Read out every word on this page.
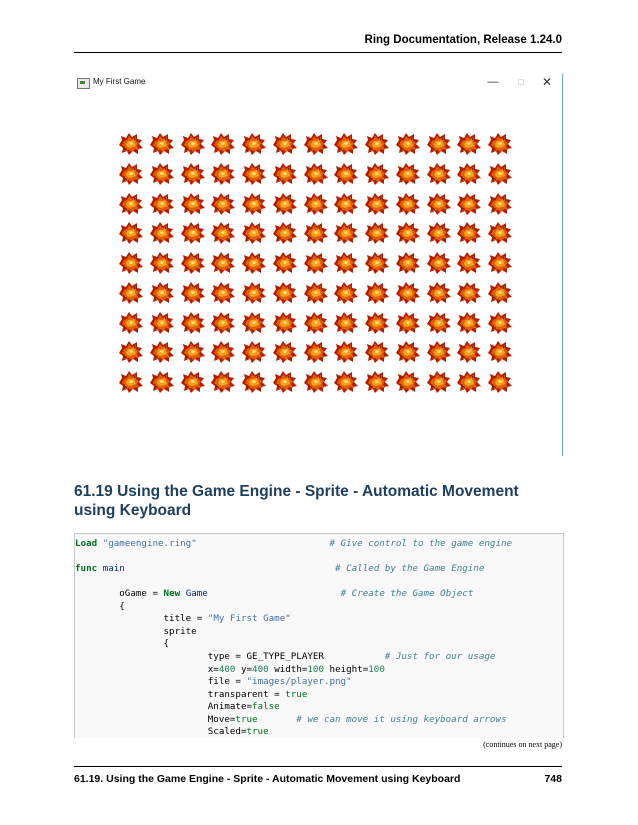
Ring Documentation, Release 1.24.0
My First Game	—	□	✕
61.19 Using the Game Engine - Sprite - Automatic Movement using Keyboard
Load "gameengine.ring"	# Give control to the game engine
func main	# Called by the Game Engine
oGame = New Game	# Create the Game Object
{
title = "My First Game"
sprite
{
type = GE_TYPE_PLAYER           # Just for our usage
x=400 y=400 width=100 height=100
file = "images/player.png"
transparent = true
Animate=false
Move=true	# we can move it using keyboard arrows
Scaled=true
(continues on next page)
61.19. Using the Game Engine - Sprite - Automatic Movement using Keyboard	748
